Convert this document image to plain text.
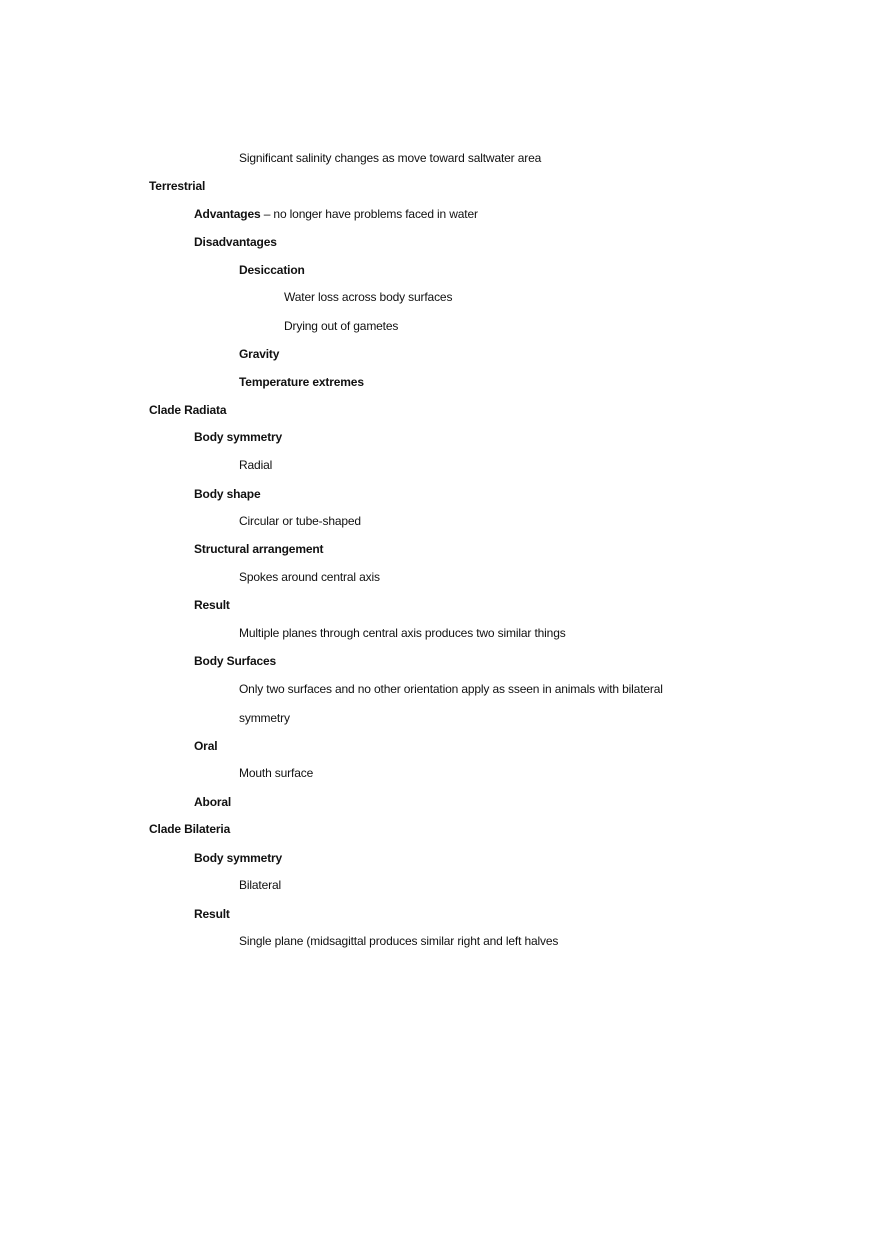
Significant salinity changes as move toward saltwater area
Terrestrial
Advantages – no longer have problems faced in water
Disadvantages
Desiccation
Water loss across body surfaces
Drying out of gametes
Gravity
Temperature extremes
Clade Radiata
Body symmetry
Radial
Body shape
Circular or tube-shaped
Structural arrangement
Spokes around central axis
Result
Multiple planes through central axis produces two similar things
Body Surfaces
Only two surfaces and no other orientation apply as sseen in animals with bilateral
symmetry
Oral
Mouth surface
Aboral
Clade Bilateria
Body symmetry
Bilateral
Result
Single plane (midsagittal produces similar right and left halves
